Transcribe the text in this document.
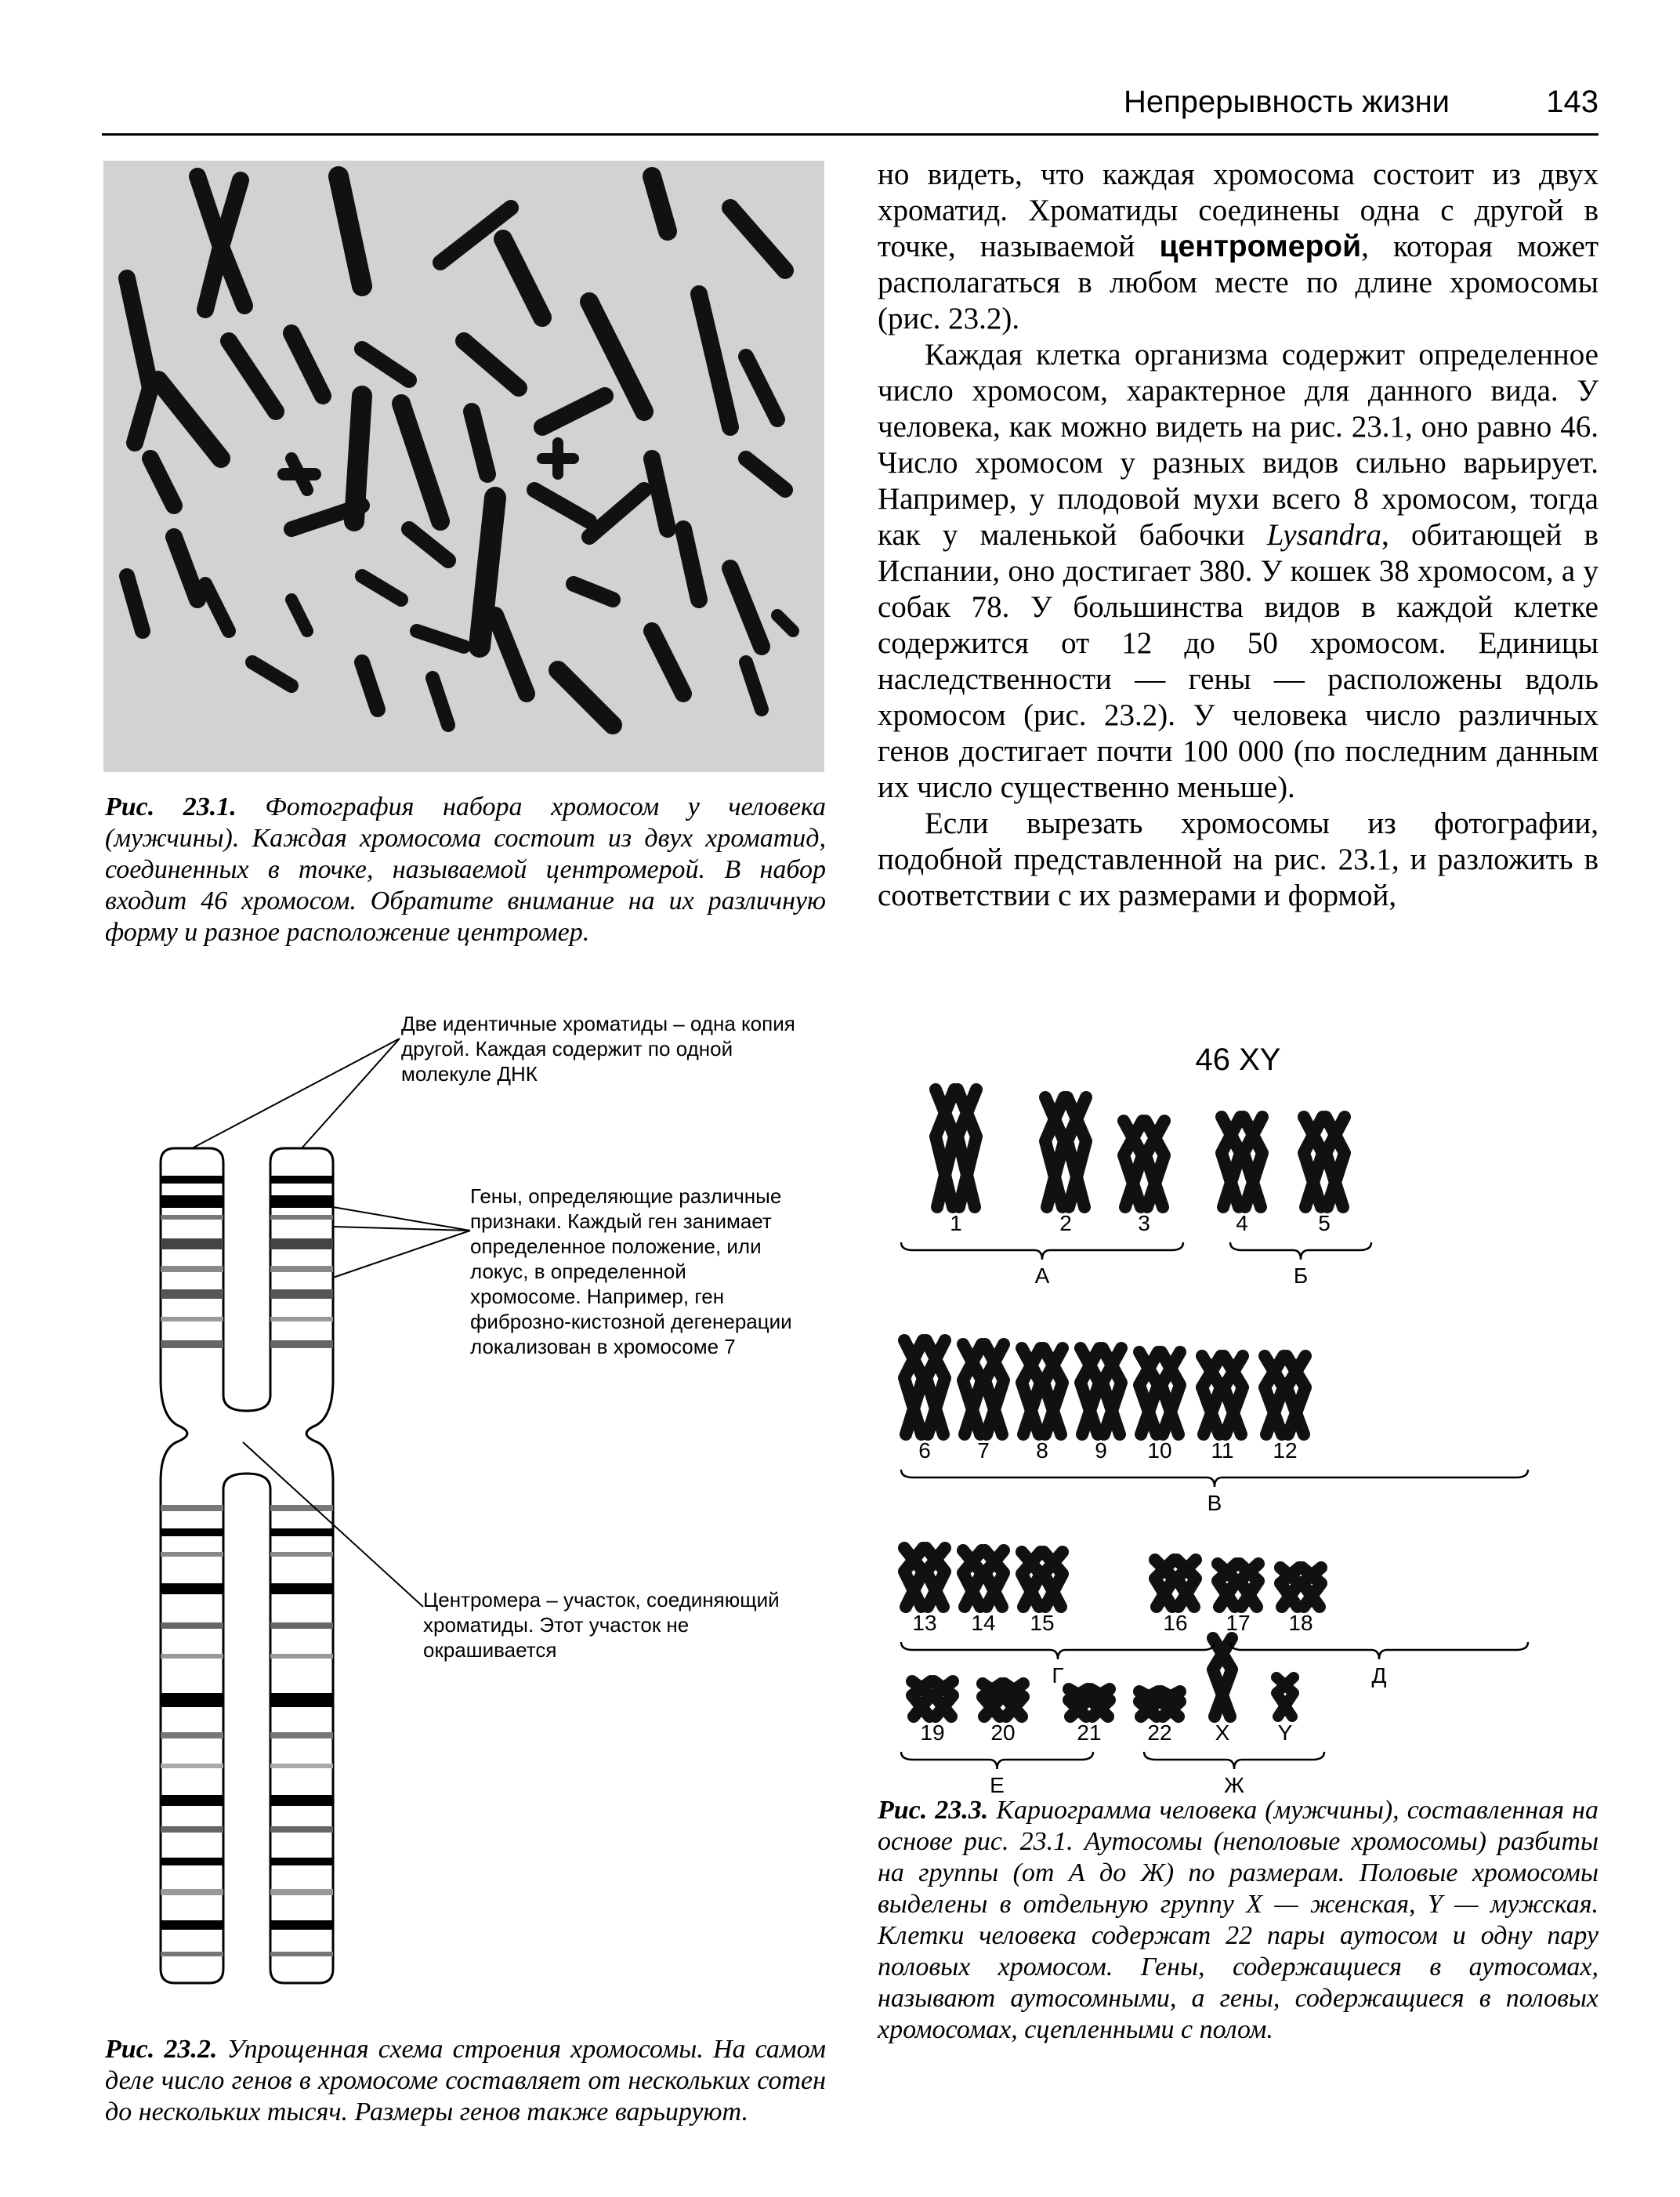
Непрерывность жизни	143
Рис. 23.1. Фотография набора хромосом у человека (мужчины). Каждая хромосома состоит из двух хроматид, соединенных в точке, называемой центромерой. В набор входит 46 хромосом. Обратите внимание на их различную форму и разное расположение центромер.

но видеть, что каждая хромосома состоит из двух хроматид. Хроматиды соединены одна с другой в точке, называемой центромерой, которая может располагаться в любом месте по длине хромосомы (рис. 23.2).

Каждая клетка организма содержит определенное число хромосом, характерное для данного вида. У человека, как можно видеть на рис. 23.1, оно равно 46. Число хромосом у разных видов сильно варьирует. Например, у плодовой мухи всего 8 хромосом, тогда как у маленькой бабочки Lysandra, обитающей в Испании, оно достигает 380. У кошек 38 хромосом, а у собак 78. У большинства видов в каждой клетке содержится от 12 до 50 хромосом. Единицы наследственности — гены — расположены вдоль хромосом (рис. 23.2). У человека число различных генов достигает почти 100 000 (по последним данным их число существенно меньше).

Если вырезать хромосомы из фотографии, подобной представленной на рис. 23.1, и разложить в соответствии с их размерами и формой,

Две идентичные хроматиды – одна копия другой. Каждая содержит по одной молекуле ДНК
Гены, определяющие различные признаки. Каждый ген занимает определенное положение, или локус, в определенной хромосоме. Например, ген фиброзно-кистозной дегенерации локализован в хромосоме 7
Центромера – участок, соединяющий хроматиды. Этот участок не окрашивается
Рис. 23.2. Упрощенная схема строения хромосомы. На самом деле число генов в хромосоме составляет от нескольких сотен до нескольких тысяч. Размеры генов также варьируют.
46 XY
1	2	3	4	5
6 7 8 9 10 11 12
13 14 15	16 17 18
19 20	21 22 X Y
А	Б
В
Г	Д
Е	Ж
Рис. 23.3. Кариограмма человека (мужчины), составленная на основе рис. 23.1. Аутосомы (неполовые хромосомы) разбиты на группы (от А до Ж) по размерам. Половые хромосомы выделены в отдельную группу X — женская, Y — мужская. Клетки человека содержат 22 пары аутосом и одну пару половых хромосом. Гены, содержащиеся в аутосомах, называют аутосомными, а гены, содержащиеся в половых хромосомах, сцепленными с полом.
